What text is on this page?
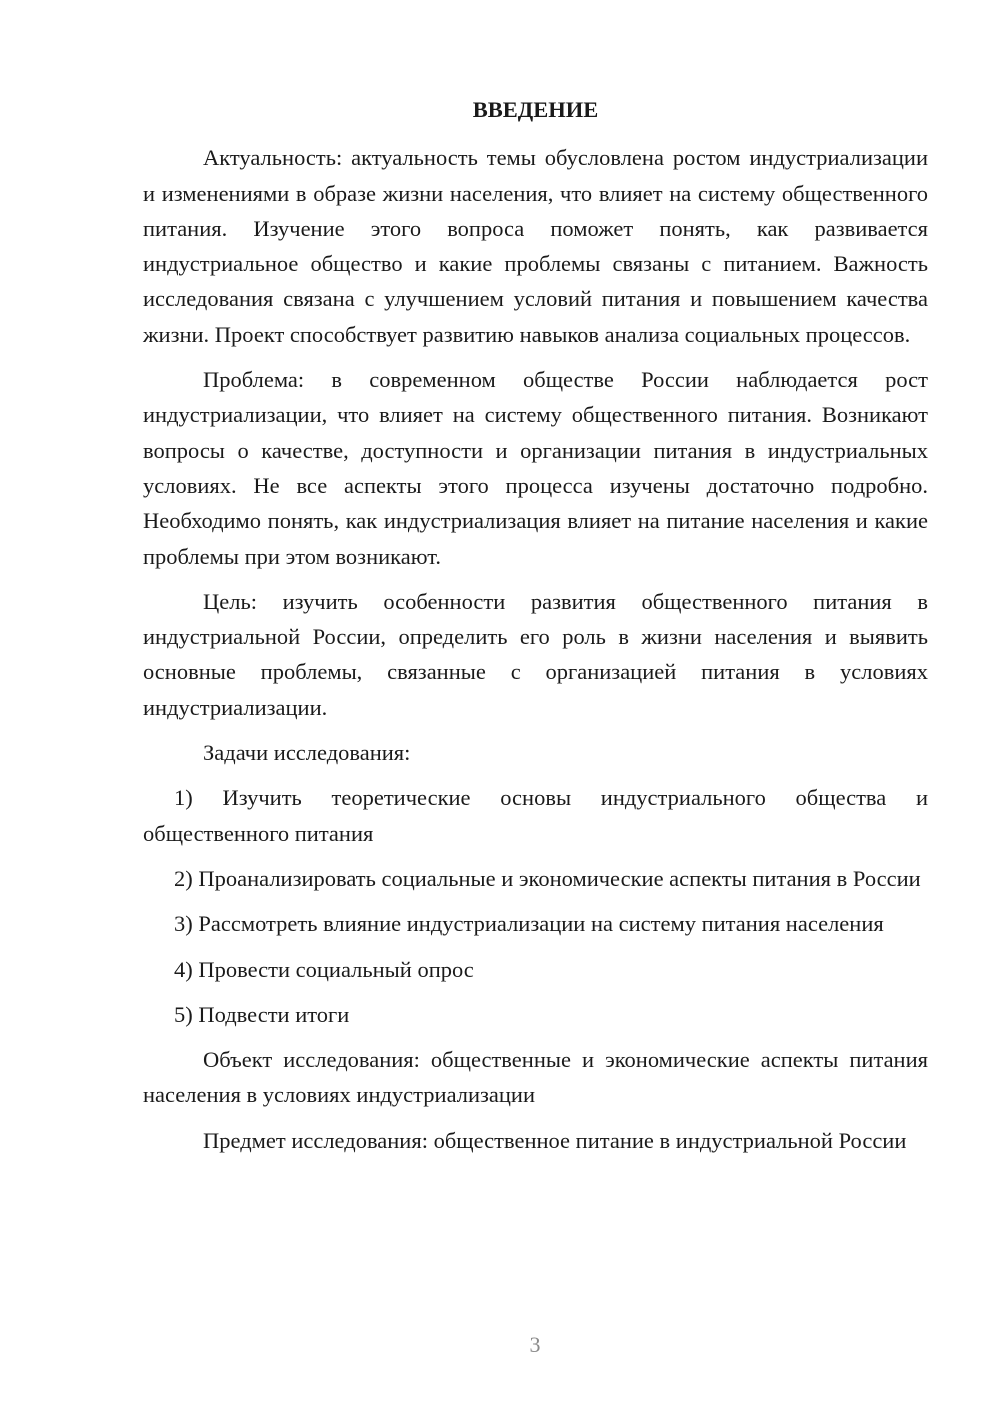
ВВЕДЕНИЕ

Актуальность: актуальность темы обусловлена ростом индустриализации и изменениями в образе жизни населения, что влияет на систему общественного питания. Изучение этого вопроса поможет понять, как развивается индустриальное общество и какие проблемы связаны с питанием. Важность исследования связана с улучшением условий питания и повышением качества жизни. Проект способствует развитию навыков анализа социальных процессов.

Проблема: в современном обществе России наблюдается рост индустриализации, что влияет на систему общественного питания. Возникают вопросы о качестве, доступности и организации питания в индустриальных условиях. Не все аспекты этого процесса изучены достаточно подробно. Необходимо понять, как индустриализация влияет на питание населения и какие проблемы при этом возникают.

Цель: изучить особенности развития общественного питания в индустриальной России, определить его роль в жизни населения и выявить основные проблемы, связанные с организацией питания в условиях индустриализации.

Задачи исследования:

1) Изучить теоретические основы индустриального общества и общественного питания

2) Проанализировать социальные и экономические аспекты питания в России

3) Рассмотреть влияние индустриализации на систему питания населения

4) Провести социальный опрос

5) Подвести итоги

Объект исследования: общественные и экономические аспекты питания населения в условиях индустриализации

Предмет исследования: общественное питание в индустриальной России

3
